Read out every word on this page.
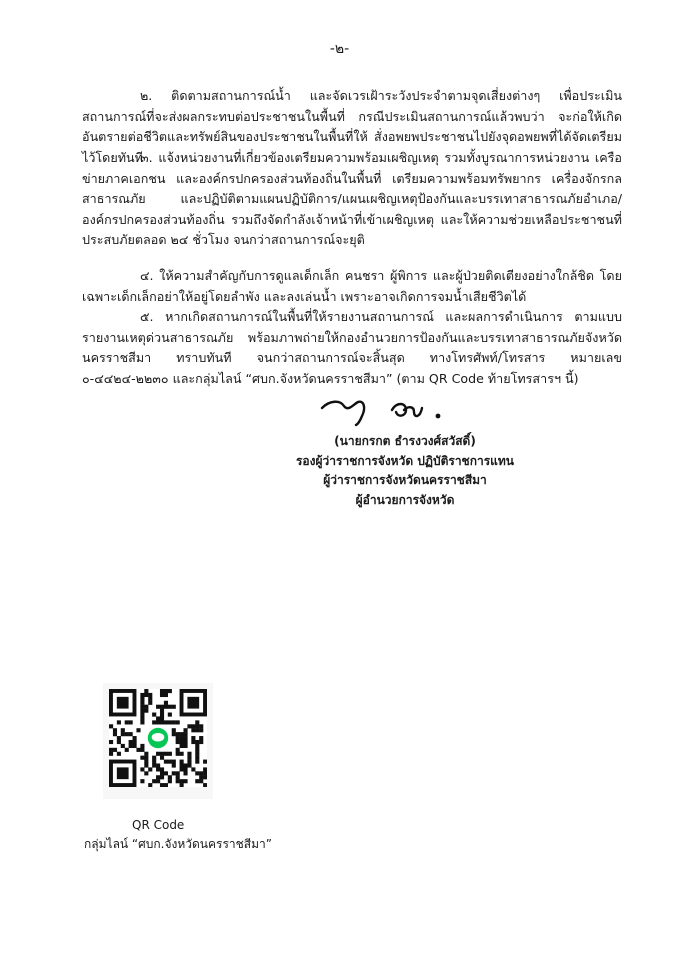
-๒-

๒. ติดตามสถานการณ์น้ำ และจัดเวรเฝ้าระวังประจำตามจุดเสี่ยงต่างๆ เพื่อประเมินสถานการณ์ที่จะส่งผลกระทบต่อประชาชนในพื้นที่ กรณีประเมินสถานการณ์แล้วพบว่า จะก่อให้เกิดอันตรายต่อชีวิตและทรัพย์สินของประชาชนในพื้นที่ให้ สั่งอพยพประชาชนไปยังจุดอพยพที่ได้จัดเตรียมไว้โดยทันที

๓. แจ้งหน่วยงานที่เกี่ยวข้องเตรียมความพร้อมเผชิญเหตุ รวมทั้งบูรณาการหน่วยงาน เครือข่ายภาคเอกชน และองค์กรปกครองส่วนท้องถิ่นในพื้นที่ เตรียมความพร้อมทรัพยากร เครื่องจักรกลสาธารณภัย และปฏิบัติตามแผนปฏิบัติการ/แผนเผชิญเหตุป้องกันและบรรเทาสาธารณภัยอำเภอ/องค์กรปกครองส่วนท้องถิ่น รวมถึงจัดกำลังเจ้าหน้าที่เข้าเผชิญเหตุ และให้ความช่วยเหลือประชาชนที่ประสบภัยตลอด ๒๔ ชั่วโมง จนกว่าสถานการณ์จะยุติ

๔. ให้ความสำคัญกับการดูแลเด็กเล็ก คนชรา ผู้พิการ และผู้ป่วยติดเตียงอย่างใกล้ชิด โดยเฉพาะเด็กเล็กอย่าให้อยู่โดยลำพัง และลงเล่นน้ำ เพราะอาจเกิดการจมน้ำเสียชีวิตได้

๕. หากเกิดสถานการณ์ในพื้นที่ให้รายงานสถานการณ์ และผลการดำเนินการ ตามแบบรายงานเหตุด่วนสาธารณภัย พร้อมภาพถ่ายให้กองอำนวยการป้องกันและบรรเทาสาธารณภัยจังหวัดนครราชสีมา ทราบทันที จนกว่าสถานการณ์จะสิ้นสุด ทางโทรศัพท์/โทรสาร หมายเลข ๐-๔๔๒๔-๒๒๓๐ และกลุ่มไลน์ “ศบก.จังหวัดนครราชสีมา” (ตาม QR Code ท้ายโทรสารฯ นี้)

(นายกรกต ธำรงวงศ์สวัสดิ์)
รองผู้ว่าราชการจังหวัด ปฏิบัติราชการแทน
ผู้ว่าราชการจังหวัดนครราชสีมา
ผู้อำนวยการจังหวัด
QR Code
กลุ่มไลน์ “ศบก.จังหวัดนครราชสีมา”
